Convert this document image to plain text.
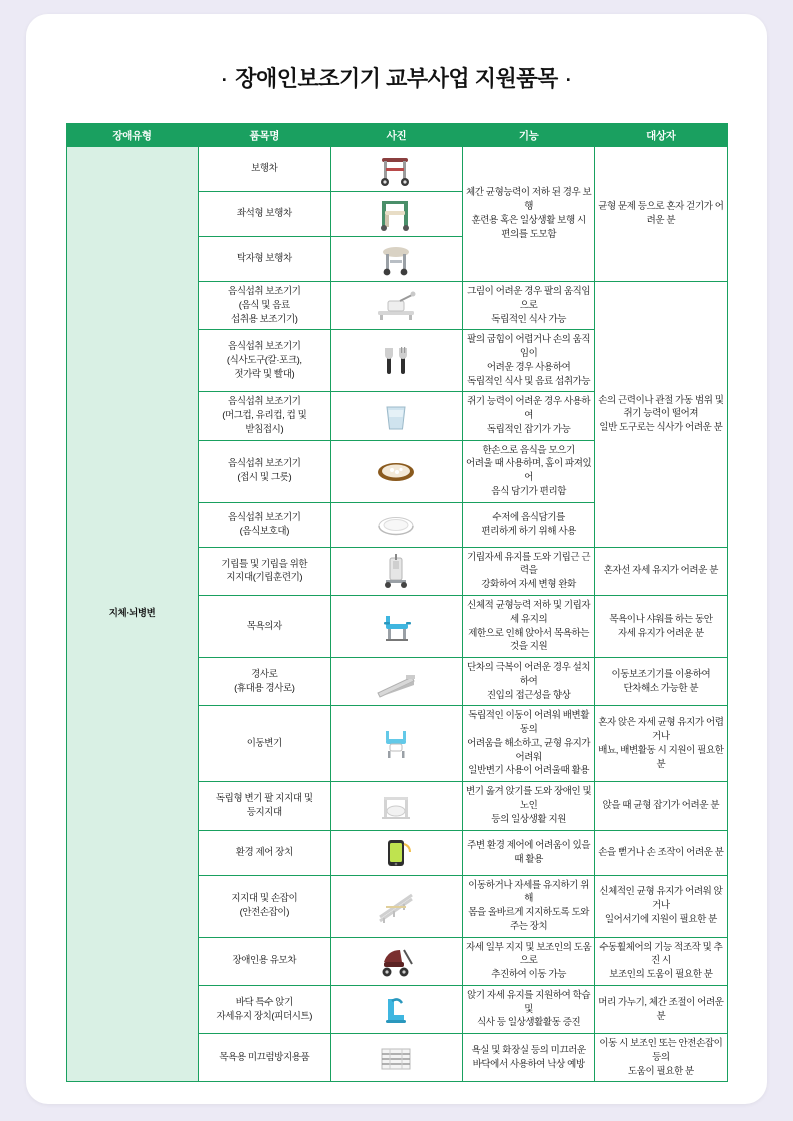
· 장애인보조기기 교부사업 지원품목 ·
장애유형	품목명	사진	기능	대상자
지체·뇌병변	보행차		체간 균형능력이 저하 된 경우 보행
훈련용 혹은 일상생활 보행 시
편의를 도모함	균형 문제 등으로 혼자 걷기가 어려운 분
	좌석형 보행차	

	탁자형 보행차	

	음식섭취 보조기기
(음식 및 음료
섭취용 보조기기)		그림이 어려운 경우 팔의 움직임으로
독립적인 식사 가능	손의 근력이나 관절 가동 범위 및
쥐기 능력이 떨어져
일반 도구로는 식사가 어려운 분
	음식섭취 보조기기
(식사도구(칼·포크),
젓가락 및 빨대)		팔의 굽힘이 어렵거나 손의 움직임이
어려운 경우 사용하여
독립적인 식사 및 음료 섭취가능	
	음식섭취 보조기기
(머그컵, 유리컵, 컵 및
받침접시)		쥐기 능력이 어려운 경우 사용하여
독립적인 잡기가 가능	
	음식섭취 보조기기
(접시 및 그릇)		한손으로 음식을 모으기
어려울 때 사용하며, 홈이 파져있어
음식 담기가 편리함	
	음식섭취 보조기기
(음식보호대)		수저에 음식담기를
편리하게 하기 위해 사용	
	기립틀 및 기립을 위한
지지대(기립훈련기)		기립자세 유지를 도와 기립근 근력을
강화하여 자세 변형 완화	혼자선 자세 유지가 어려운 분
	목욕의자		신체적 균형능력 저하 및 기립자세 유지의
제한으로 인해 앉아서 목욕하는 것을 지원	목욕이나 샤워를 하는 동안
자세 유지가 어려운 분
	경사로
(휴대용 경사로)		단차의 극복이 어려운 경우 설치하여
진입의 접근성을 향상	이동보조기기를 이용하여
단차해소 가능한 분
	이동변기		독립적인 이동이 어려워 배변활동의
어려움을 해소하고, 균형 유지가 어려워
일반변기 사용이 어려울때 활용	혼자 앉은 자세 균형 유지가 어렵거나
배뇨, 배변활동 시 지원이 필요한 분
	독립형 변기 팔 지지대 및
등지지대		변기 옮겨 앉기를 도와 장애인 및 노인
등의 일상생활 지원	앉을 때 균형 잡기가 어려운 분
	환경 제어 장치		주변 환경 제어에 어려움이 있을 때 활용	손을 뻗거나 손 조작이 어려운 분
	지지대 및 손잡이
(안전손잡이)		이동하거나 자세를 유지하기 위해
몸을 올바르게 지지하도록 도와주는 장치	신체적인 균형 유지가 어려워 앉거나
일어서기에 지원이 필요한 분
	장애인용 유모차		자세 일부 지지 및 보조인의 도움으로
추진하여 이동 가능	수동휠체어의 기능 적조작 및 추진 시
보조인의 도움이 필요한 분
	바닥 특수 앉기
자세유지 장치(피더시트)		앉기 자세 유지를 지원하여 학습 및
식사 등 일상생활활동 증진	머리 가누기, 체간 조절이 어려운 분
	목욕용 미끄럼방지용품		욕실 및 화장실 등의 미끄러운
바닥에서 사용하여 낙상 예방	이동 시 보조인 또는 안전손잡이 등의
도움이 필요한 분
